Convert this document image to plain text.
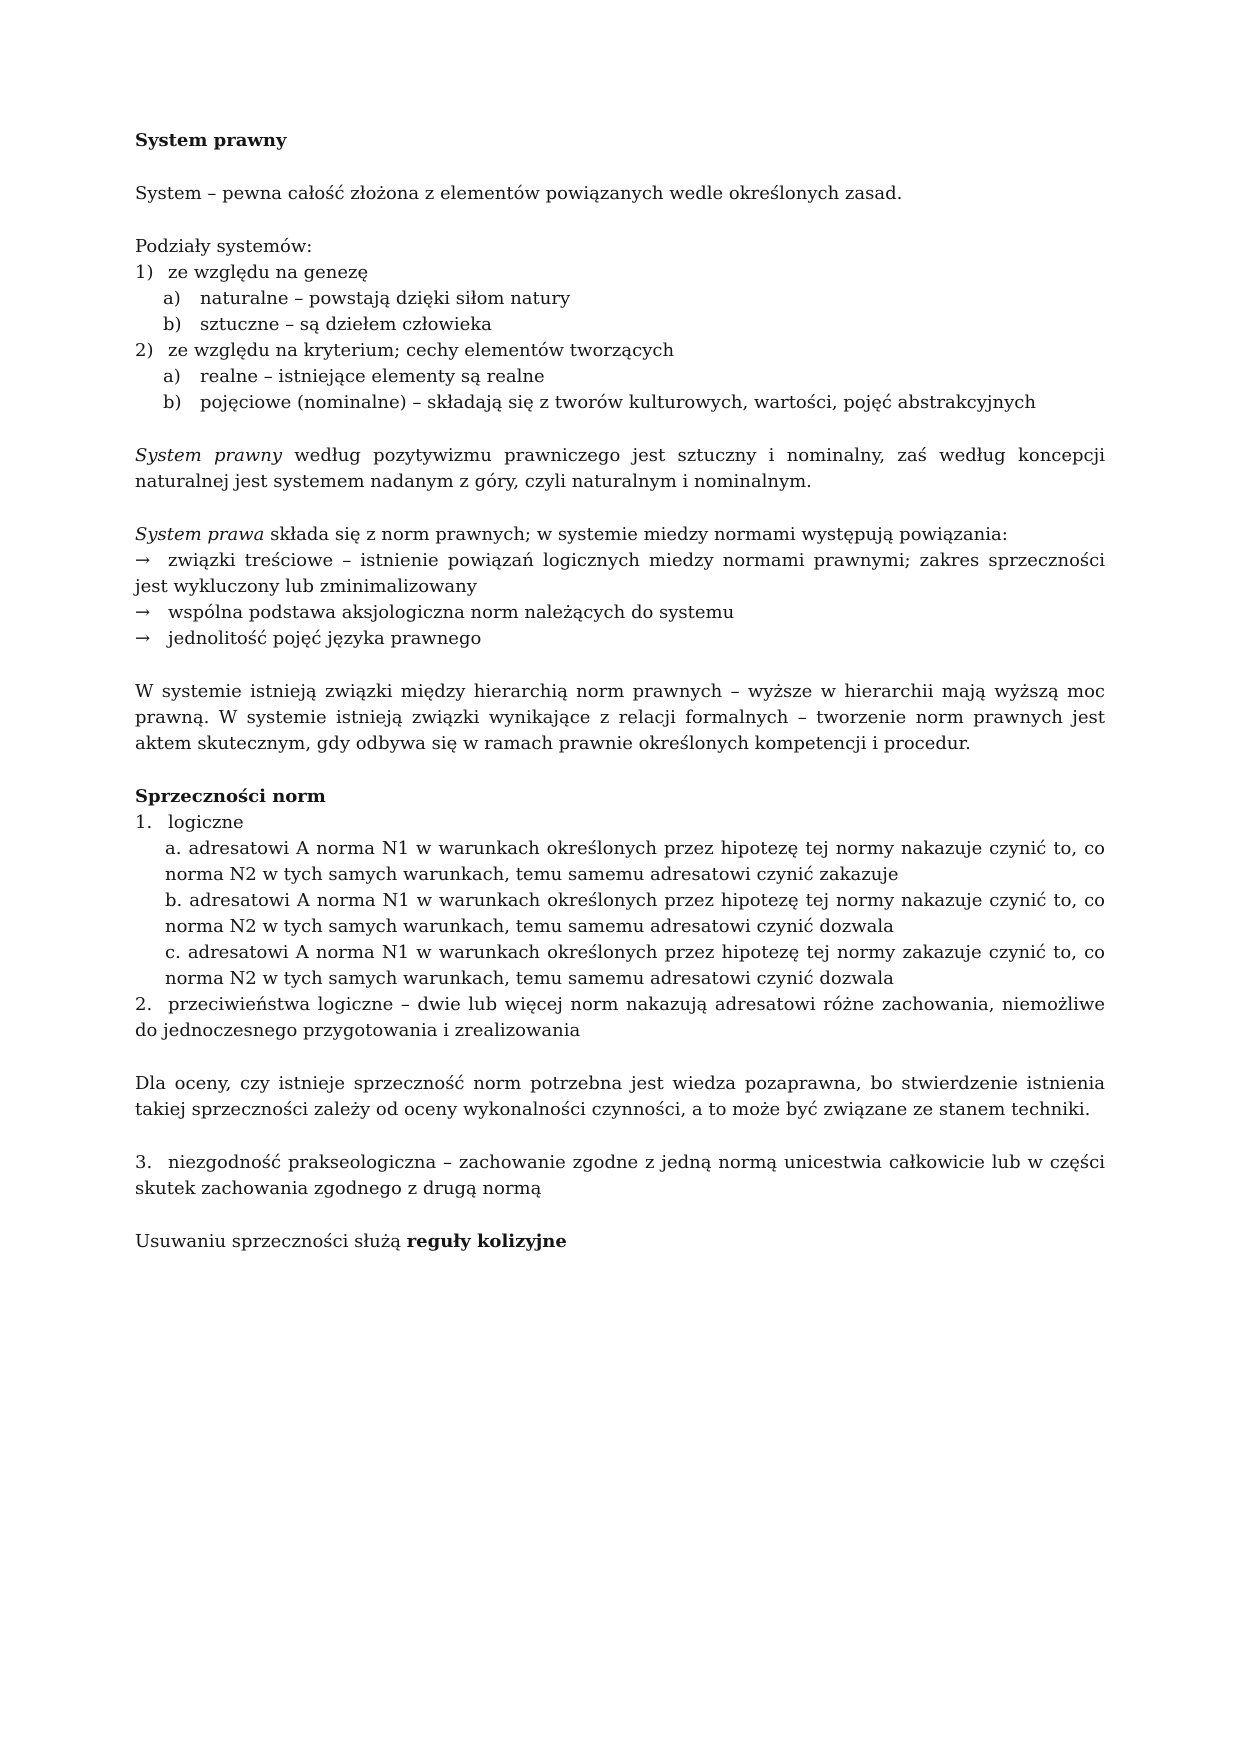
System prawny

System – pewna całość złożona z elementów powiązanych wedle określonych zasad.

Podziały systemów:

1) ze względu na genezę
a) naturalne – powstają dzięki siłom natury
b) sztuczne – są dziełem człowieka
2) ze względu na kryterium; cechy elementów tworzących
a) realne – istniejące elementy są realne
b) pojęciowe (nominalne) – składają się z tworów kulturowych, wartości, pojęć abstrakcyjnych

System prawny według pozytywizmu prawniczego jest sztuczny i nominalny, zaś według koncepcji naturalnej jest systemem nadanym z góry, czyli naturalnym i nominalnym.

System prawa składa się z norm prawnych; w systemie miedzy normami występują powiązania:

→ związki treściowe – istnienie powiązań logicznych miedzy normami prawnymi; zakres sprzeczności jest wykluczony lub zminimalizowany
→ wspólna podstawa aksjologiczna norm należących do systemu
→ jednolitość pojęć języka prawnego

W systemie istnieją związki między hierarchią norm prawnych – wyższe w hierarchii mają wyższą moc prawną. W systemie istnieją związki wynikające z relacji formalnych – tworzenie norm prawnych jest aktem skutecznym, gdy odbywa się w ramach prawnie określonych kompetencji i procedur.

Sprzeczności norm

1. logiczne
a. adresatowi A norma N1 w warunkach określonych przez hipotezę tej normy nakazuje czynić to, co norma N2 w tych samych warunkach, temu samemu adresatowi czynić zakazuje
b. adresatowi A norma N1 w warunkach określonych przez hipotezę tej normy nakazuje czynić to, co norma N2 w tych samych warunkach, temu samemu adresatowi czynić dozwala
c. adresatowi A norma N1 w warunkach określonych przez hipotezę tej normy zakazuje czynić to, co norma N2 w tych samych warunkach, temu samemu adresatowi czynić dozwala
2. przeciwieństwa logiczne – dwie lub więcej norm nakazują adresatowi różne zachowania, niemożliwe do jednoczesnego przygotowania i zrealizowania

Dla oceny, czy istnieje sprzeczność norm potrzebna jest wiedza pozaprawna, bo stwierdzenie istnienia takiej sprzeczności zależy od oceny wykonalności czynności, a to może być związane ze stanem techniki.

3. niezgodność prakseologiczna – zachowanie zgodne z jedną normą unicestwia całkowicie lub w części skutek zachowania zgodnego z drugą normą

Usuwaniu sprzeczności służą reguły kolizyjne
